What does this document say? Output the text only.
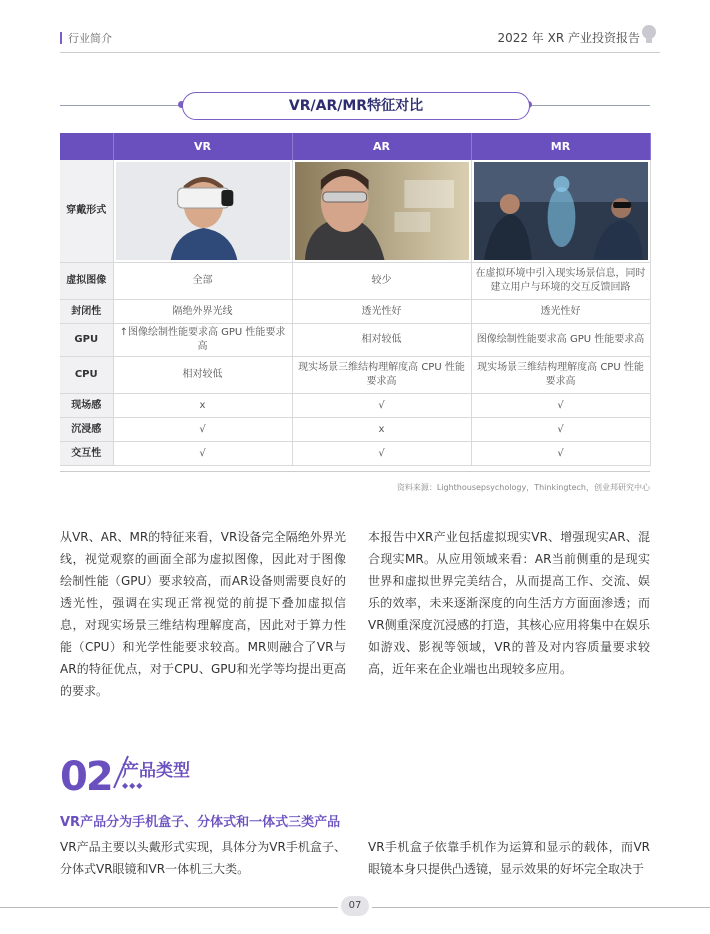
行业简介	2022 年 XR 产业投资报告
VR/AR/MR特征对比
	VR	AR	MR
穿戴形式	

虚拟图像	全部	较少	在虚拟环境中引入现实场景信息，同时建立用户与环境的交互反馈回路
封闭性	隔绝外界光线	透光性好	透光性好
GPU	↑图像绘制性能要求高 GPU 性能要求高	相对较低	图像绘制性能要求高 GPU 性能要求高
CPU	相对较低	现实场景三维结构理解度高 CPU 性能要求高	现实场景三维结构理解度高 CPU 性能要求高
现场感	x	√	√
沉浸感	√	x	√
交互性	√	√	√
资料来源：Lighthousepsychology，Thinkingtech，创业邦研究中心
从VR、AR、MR的特征来看，VR设备完全隔绝外界光线，视觉观察的画面全部为虚拟图像，因此对于图像绘制性能（GPU）要求较高，而AR设备则需要良好的透光性，强调在实现正常视觉的前提下叠加虚拟信息，对现实场景三维结构理解度高，因此对于算力性能（CPU）和光学性能要求较高。MR则融合了VR与AR的特征优点，对于CPU、GPU和光学等均提出更高的要求。
本报告中XR产业包括虚拟现实VR、增强现实AR、混合现实MR。从应用领域来看：AR当前侧重的是现实世界和虚拟世界完美结合，从而提高工作、交流、娱乐的效率，未来逐渐深度的向生活方方面面渗透；而VR侧重深度沉浸感的打造，其核心应用将集中在娱乐如游戏、影视等领域，VR的普及对内容质量要求较高，近年来在企业端也出现较多应用。
02 产品类型
◆◆◆
VR产品分为手机盒子、分体式和一体式三类产品
VR产品主要以头戴形式实现，具体分为VR手机盒子、分体式VR眼镜和VR一体机三大类。
VR手机盒子依靠手机作为运算和显示的载体，而VR眼镜本身只提供凸透镜，显示效果的好坏完全取决于
07
